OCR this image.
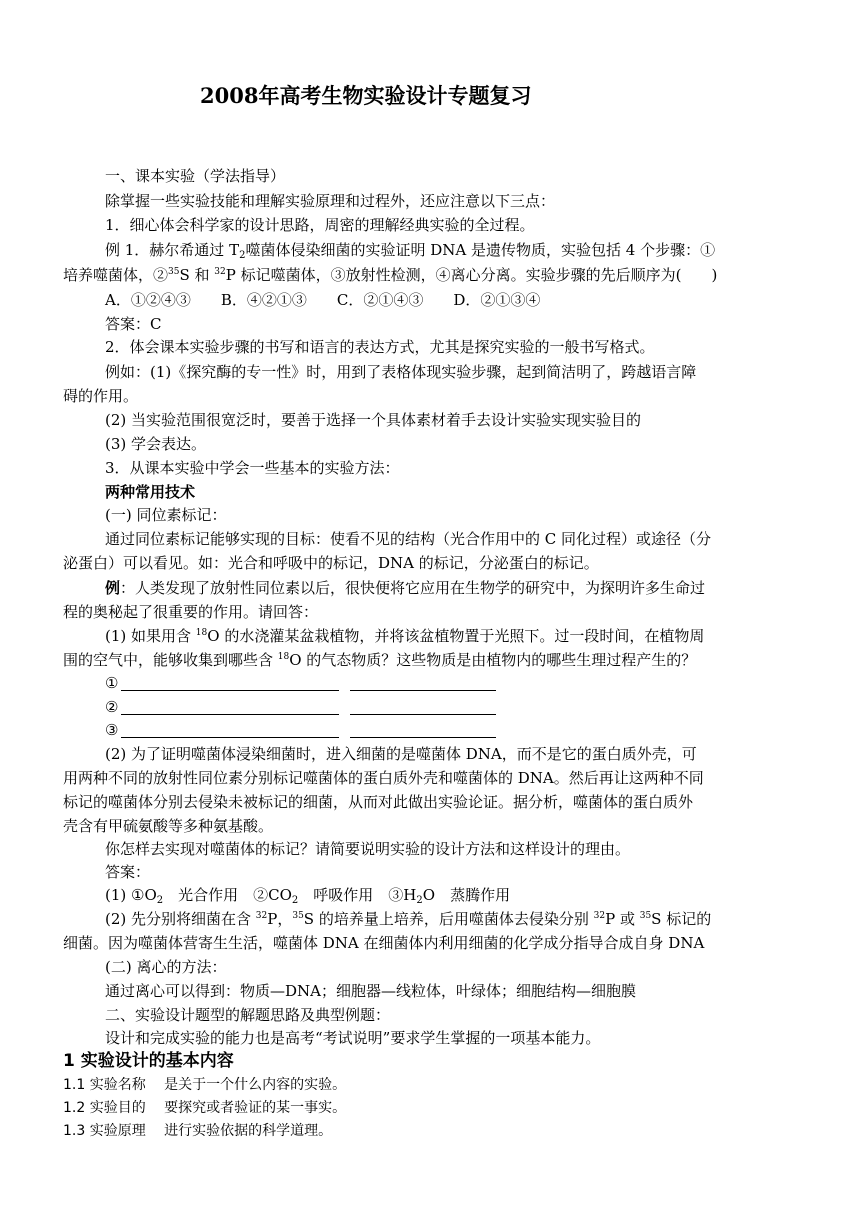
2008年高考生物实验设计专题复习
一、课本实验（学法指导）
除掌握一些实验技能和理解实验原理和过程外，还应注意以下三点：
1．细心体会科学家的设计思路，周密的理解经典实验的全过程。
例 1．赫尔希通过 $T_2$噬菌体侵染细菌的实验证明 DNA 是遗传物质，实验包括 4 个步骤：①
培养噬菌体，②$^{35}$S 和 $^{32}$P 标记噬菌体，③放射性检测，④离心分离。实验步骤的先后顺序为(　　)
A．①②④③　　B．④②①③　　C．②①④③　　D．②①③④
答案：C
2．体会课本实验步骤的书写和语言的表达方式，尤其是探究实验的一般书写格式。
例如：(1)《探究酶的专一性》时，用到了表格体现实验步骤，起到简洁明了，跨越语言障
碍的作用。
(2) 当实验范围很宽泛时，要善于选择一个具体素材着手去设计实验实现实验目的
(3) 学会表达。
3．从课本实验中学会一些基本的实验方法：
两种常用技术
(一) 同位素标记：
通过同位素标记能够实现的目标：使看不见的结构（光合作用中的 C 同化过程）或途径（分
泌蛋白）可以看见。如：光合和呼吸中的标记，DNA 的标记，分泌蛋白的标记。
例：人类发现了放射性同位素以后，很快便将它应用在生物学的研究中，为探明许多生命过
程的奥秘起了很重要的作用。请回答：
(1) 如果用含 $^{18}$O 的水浇灌某盆栽植物，并将该盆植物置于光照下。过一段时间，在植物周
围的空气中，能够收集到哪些含 $^{18}$O 的气态物质？这些物质是由植物内的哪些生理过程产生的？
①
②
③
(2) 为了证明噬菌体浸染细菌时，进入细菌的是噬菌体 DNA，而不是它的蛋白质外壳，可
用两种不同的放射性同位素分别标记噬菌体的蛋白质外壳和噬菌体的 DNA。然后再让这两种不同
标记的噬菌体分别去侵染未被标记的细菌，从而对此做出实验论证。据分析，噬菌体的蛋白质外
壳含有甲硫氨酸等多种氨基酸。
你怎样去实现对噬菌体的标记？请简要说明实验的设计方法和这样设计的理由。
答案：
(1) $①O_2$　光合作用　$②CO_2$　呼吸作用　$③H_2O$　蒸腾作用
(2) 先分别将细菌在含 $^{32}$P，$^{35}$S 的培养量上培养，后用噬菌体去侵染分别 $^{32}$P 或 $^{35}$S 标记的
细菌。因为噬菌体营寄生生活，噬菌体 DNA 在细菌体内利用细菌的化学成分指导合成自身 DNA
(二) 离心的方法：
通过离心可以得到：物质—DNA；细胞器—线粒体，叶绿体；细胞结构—细胞膜
二、实验设计题型的解题思路及典型例题：
设计和完成实验的能力也是高考“考试说明”要求学生掌握的一项基本能力。
1 实验设计的基本内容
1.1 实验名称　 是关于一个什么内容的实验。
1.2 实验目的　 要探究或者验证的某一事实。
1.3 实验原理　 进行实验依据的科学道理。
